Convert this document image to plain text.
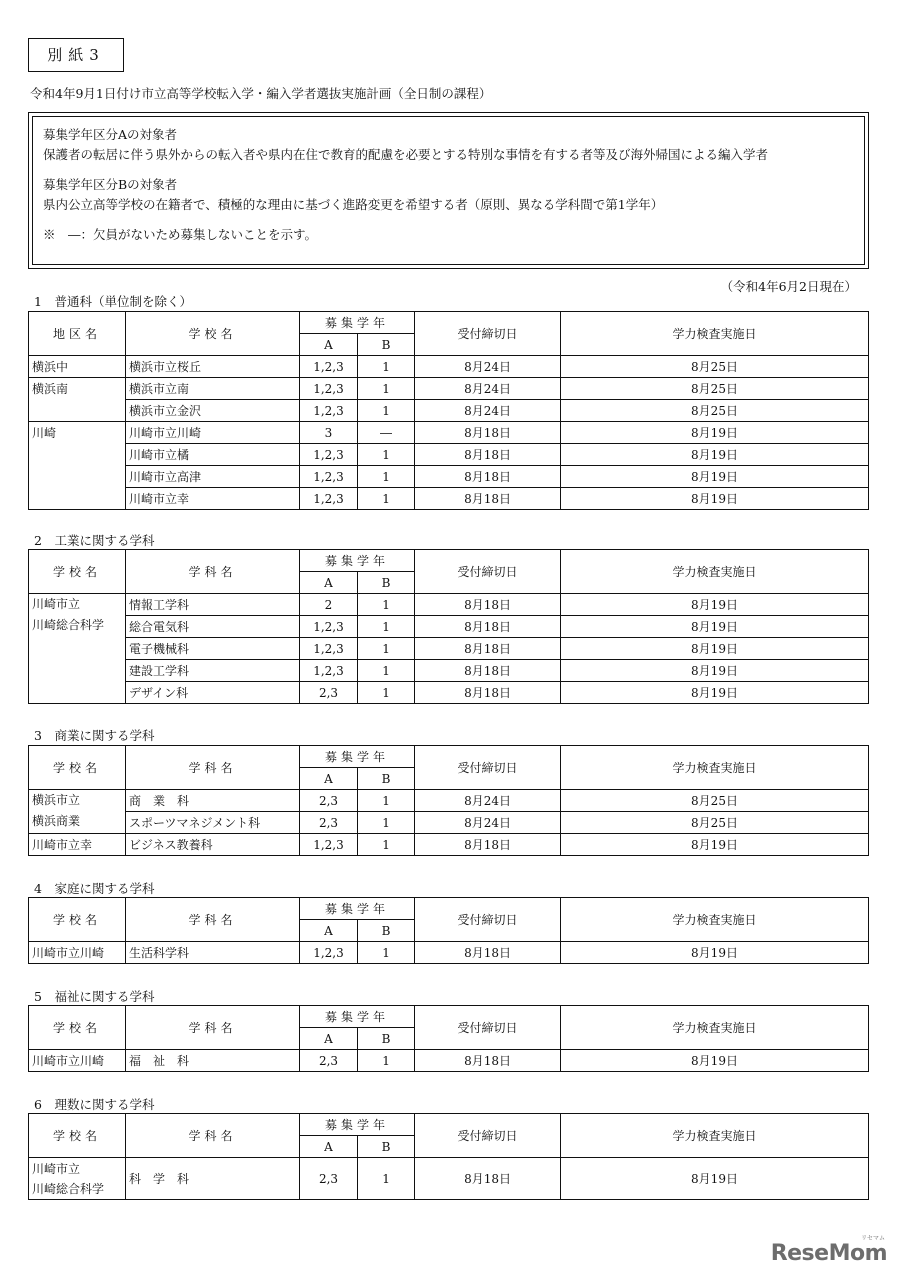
別紙3
令和4年9月1日付け市立高等学校転入学・編入学者選抜実施計画（全日制の課程）

募集学年区分Aの対象者

保護者の転居に伴う県外からの転入者や県内在住で教育的配慮を必要とする特別な事情を有する者等及び海外帰国による編入学者

募集学年区分Bの対象者

県内公立高等学校の在籍者で、積極的な理由に基づく進路変更を希望する者（原則、異なる学科間で第1学年）

※　―：欠員がないため募集しないことを示す。

（令和4年6月2日現在）
1　普通科（単位制を除く）
地区名	学校名	募集学年		受付締切日	学力検査実施日
		A	B		
横浜中	横浜市立桜丘	1,2,3	1	8月24日	8月25日
横浜南	横浜市立南	1,2,3	1	8月24日	8月25日
	横浜市立金沢	1,2,3	1	8月24日	8月25日
川崎	川崎市立川崎	3	―	8月18日	8月19日
	川崎市立橘	1,2,3	1	8月18日	8月19日
	川崎市立高津	1,2,3	1	8月18日	8月19日
	川崎市立幸	1,2,3	1	8月18日	8月19日
2　工業に関する学科
学校名	学科名	募集学年		受付締切日	学力検査実施日
		A	B		

川崎市立
川崎総合科学	情報工学科	2	1	8月18日	8月19日
	総合電気科	1,2,3	1	8月18日	8月19日
	電子機械科	1,2,3	1	8月18日	8月19日
	建設工学科	1,2,3	1	8月18日	8月19日
	デザイン科	2,3	1	8月18日	8月19日
3　商業に関する学科
学校名	学科名	募集学年		受付締切日	学力検査実施日
		A	B		

横浜市立
横浜商業	商　業　科	2,3	1	8月24日	8月25日
	スポーツマネジメント科	2,3	1	8月24日	8月25日
川崎市立幸	ビジネス教養科	1,2,3	1	8月18日	8月19日
4　家庭に関する学科
学校名	学科名	募集学年		受付締切日	学力検査実施日
		A	B		
川崎市立川崎	生活科学科	1,2,3	1	8月18日	8月19日
5　福祉に関する学科
学校名	学科名	募集学年		受付締切日	学力検査実施日
		A	B		
川崎市立川崎	福　祉　科	2,3	1	8月18日	8月19日
6　理数に関する学科
学校名	学科名	募集学年		受付締切日	学力検査実施日
		A	B		

川崎市立
川崎総合科学	科　学　科	2,3	1	8月18日	8月19日
ReseMom
リセマム
